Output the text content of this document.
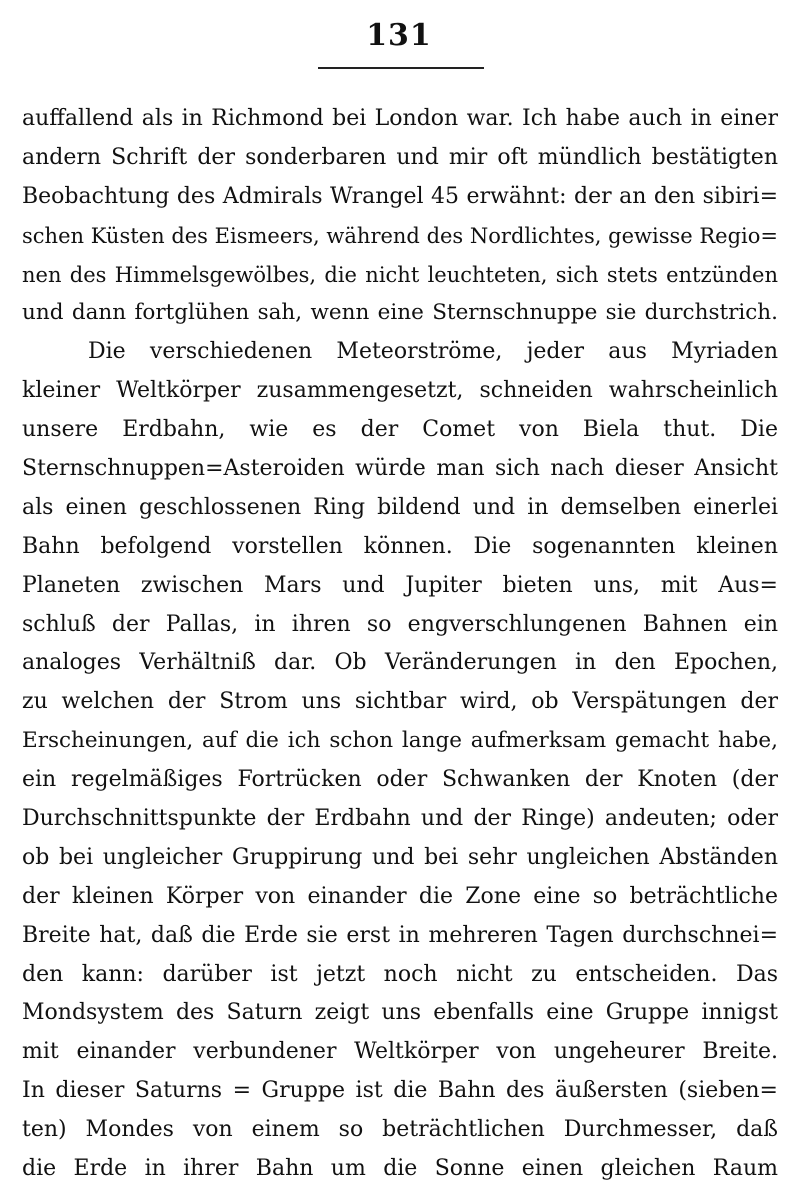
131
auffallend als in Richmond bei London war. Ich habe auch in einer
andern Schrift der sonderbaren und mir oft mündlich bestätigten
Beobachtung des Admirals Wrangel 45 erwähnt: der an den sibiri=
schen Küsten des Eismeers, während des Nordlichtes, gewisse Regio=
nen des Himmelsgewölbes, die nicht leuchteten, sich stets entzünden
und dann fortglühen sah, wenn eine Sternschnuppe sie durchstrich.
Die verschiedenen Meteorströme, jeder aus Myriaden
kleiner Weltkörper zusammengesetzt, schneiden wahrscheinlich
unsere Erdbahn, wie es der Comet von Biela thut. Die
Sternschnuppen=Asteroiden würde man sich nach dieser Ansicht
als einen geschlossenen Ring bildend und in demselben einerlei
Bahn befolgend vorstellen können. Die sogenannten kleinen
Planeten zwischen Mars und Jupiter bieten uns, mit Aus=
schluß der Pallas, in ihren so engverschlungenen Bahnen ein
analoges Verhältniß dar. Ob Veränderungen in den Epochen,
zu welchen der Strom uns sichtbar wird, ob Verspätungen der
Erscheinungen, auf die ich schon lange aufmerksam gemacht habe,
ein regelmäßiges Fortrücken oder Schwanken der Knoten (der
Durchschnittspunkte der Erdbahn und der Ringe) andeuten; oder
ob bei ungleicher Gruppirung und bei sehr ungleichen Abständen
der kleinen Körper von einander die Zone eine so beträchtliche
Breite hat, daß die Erde sie erst in mehreren Tagen durchschnei=
den kann: darüber ist jetzt noch nicht zu entscheiden. Das
Mondsystem des Saturn zeigt uns ebenfalls eine Gruppe innigst
mit einander verbundener Weltkörper von ungeheurer Breite.
In dieser Saturns = Gruppe ist die Bahn des äußersten (sieben=
ten) Mondes von einem so beträchtlichen Durchmesser, daß
die Erde in ihrer Bahn um die Sonne einen gleichen Raum
